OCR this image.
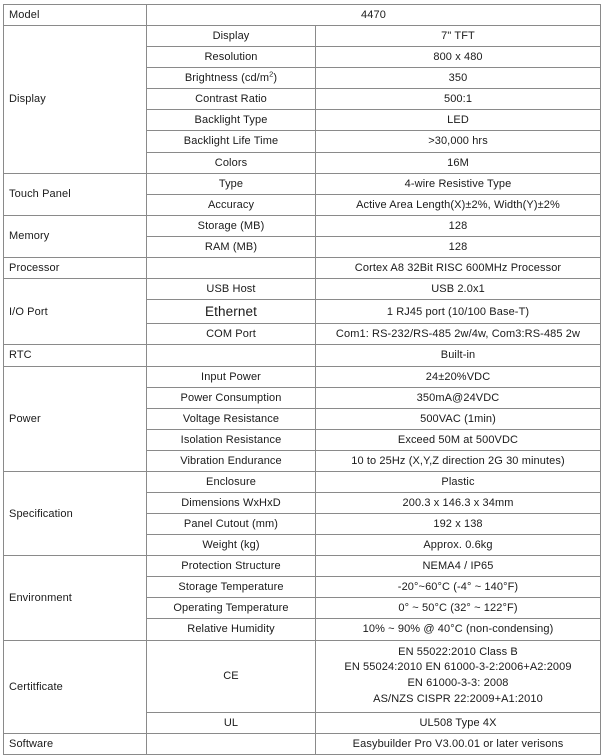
Model	4470	
Display	Display	7" TFT
	Resolution	800 x 480
	Brightness $(cd/m^2)$	350
	Contrast Ratio	500:1
	Backlight Type	LED
	Backlight Life Time	>30,000 hrs
	Colors	16M
Touch Panel	Type	4-wire Resistive Type
	Accuracy	Active Area Length(X)±2%, Width(Y)±2%
Memory	Storage (MB)	128
	RAM (MB)	128
Processor		Cortex A8 32Bit RISC 600MHz Processor
I/O Port	USB Host	USB 2.0x1
	Ethernet	1 RJ45 port (10/100 Base-T)
	COM Port	Com1: RS-232/RS-485 2w/4w, Com3:RS-485 2w
RTC		Built-in
Power	Input Power	24±20%VDC
	Power Consumption	350mA@24VDC
	Voltage Resistance	500VAC (1min)
	Isolation Resistance	Exceed 50M at 500VDC
	Vibration Endurance	10 to 25Hz (X,Y,Z direction 2G 30 minutes)
Specification	Enclosure	Plastic
	Dimensions WxHxD	200.3 x 146.3 x 34mm
	Panel Cutout (mm)	192 x 138
	Weight (kg)	Approx. 0.6kg
Environment	Protection Structure	NEMA4 / IP65
	Storage Temperature	-20°~60°C (-4° ~ 140°F)
	Operating Temperature	0° ~ 50°C (32° ~ 122°F)
	Relative Humidity	10% ~ 90% @ 40°C (non-condensing)
Certitficate	CE	EN 55022:2010 Class B
EN 55024:2010 EN 61000-3-2:2006+A2:2009
EN 61000-3-3: 2008
AS/NZS CISPR 22:2009+A1:2010

	UL	UL508 Type 4X
Software		Easybuilder Pro V3.00.01 or later verisons
